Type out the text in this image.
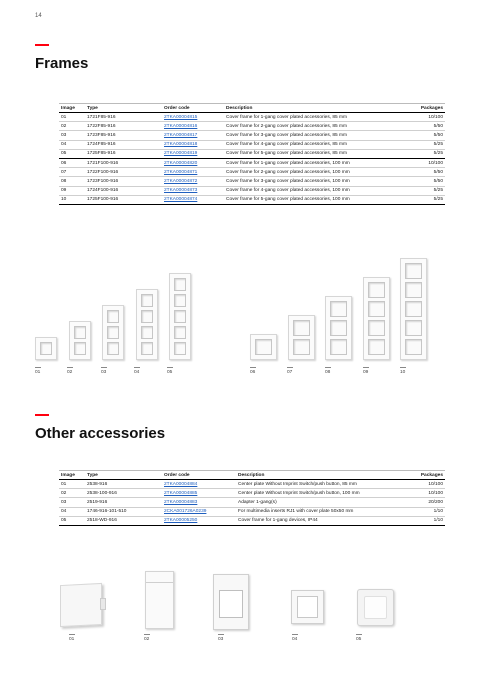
14
Frames
Image	Type	Order code	Description	Packages
01	1721F85-916	2TKA00004815	Cover frame for 1-gang cover plated accessories, 85 mm	10/100
02	1722F85-916	2TKA00004816	Cover frame for 2-gang cover plated accessories, 85 mm	5/50
03	1723F85-916	2TKA00004817	Cover frame for 3-gang cover plated accessories, 85 mm	5/50
04	1724F85-916	2TKA00004818	Cover frame for 4-gang cover plated accessories, 85 mm	5/25
05	1725F85-916	2TKA00004819	Cover frame for 5-gang cover plated accessories, 85 mm	5/25
06	1721F100-916	2TKA00004820	Cover frame for 1-gang cover plated accessories, 100 mm	10/100
07	1722F100-916	2TKA00004871	Cover frame for 2-gang cover plated accessories, 100 mm	5/50
08	1723F100-916	2TKA00004872	Cover frame for 3-gang cover plated accessories, 100 mm	5/50
09	1724F100-916	2TKA00004873	Cover frame for 4-gang cover plated accessories, 100 mm	5/25
10	1725F100-916	2TKA00004874	Cover frame for 5-gang cover plated accessories, 100 mm	5/25
01	02	03	04	05	06	07	08	09	10
Other accessories
Image	Type	Order code	Description	Packages
01	2538-916	2TKA00004884	Center plate Without Imprint Switch/push button, 85 mm	10/100
02	2538-100-916	2TKA00004885	Center plate Without Imprint Switch/push button, 100 mm	10/100
03	2519-916	2TKA00004883	Adapter 1-gang(s)	20/200
04	1746-916-101-510	2CKA001726A0239	For multimedia inserts RJ1 with cover plate 50x50 mm	1/10
05	2518-WD-916	2TKA00005250	Cover frame for 1-gang devices, IP44	1/10
01	02	03	04	05
